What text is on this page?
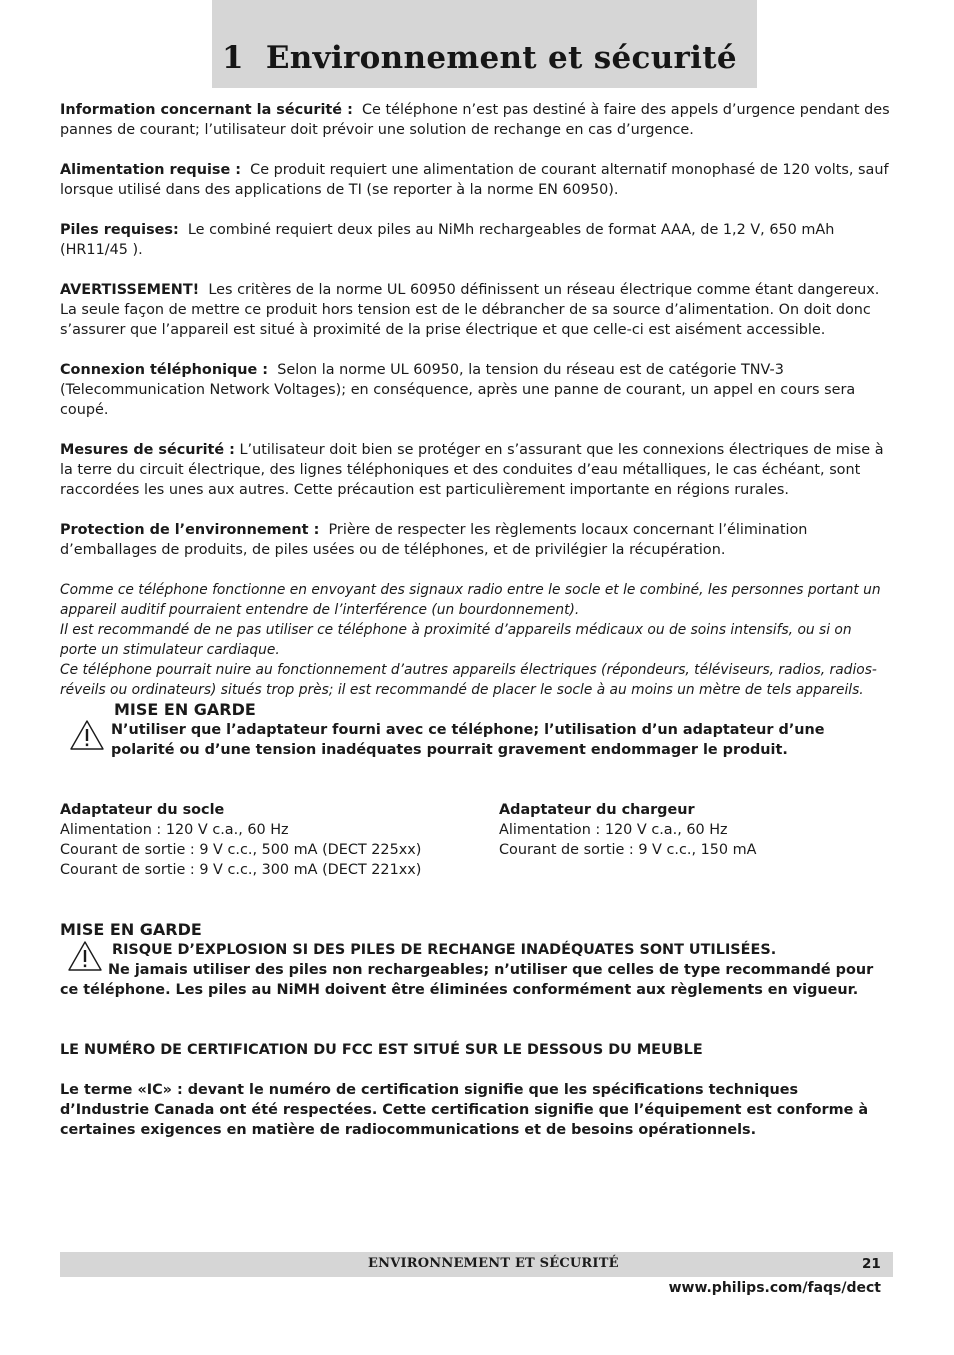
1 Environnement et sécurité

Information concernant la sécurité : Ce téléphone n’est pas destiné à faire des appels d’urgence pendant des pannes de courant; l’utilisateur doit prévoir une solution de rechange en cas d’urgence.

Alimentation requise : Ce produit requiert une alimentation de courant alternatif monophasé de 120 volts, sauf lorsque utilisé dans des applications de TI (se reporter à la norme EN 60950).

Piles requises: Le combiné requiert deux piles au NiMh rechargeables de format AAA, de 1,2 V, 650 mAh (HR11/45 ).

AVERTISSEMENT! Les critères de la norme UL 60950 définissent un réseau électrique comme étant dangereux. La seule façon de mettre ce produit hors tension est de le débrancher de sa source d’alimentation. On doit donc s’assurer que l’appareil est situé à proximité de la prise électrique et que celle-ci est aisément accessible.

Connexion téléphonique : Selon la norme UL 60950, la tension du réseau est de catégorie TNV-3 (Telecommunication Network Voltages); en conséquence, après une panne de courant, un appel en cours sera coupé.

Mesures de sécurité : L’utilisateur doit bien se protéger en s’assurant que les connexions électriques de mise à la terre du circuit électrique, des lignes téléphoniques et des conduites d’eau métalliques, le cas échéant, sont raccordées les unes aux autres. Cette précaution est particulièrement importante en régions rurales.

Protection de l’environnement : Prière de respecter les règlements locaux concernant l’élimination d’emballages de produits, de piles usées ou de téléphones, et de privilégier la récupération.

Comme ce téléphone fonctionne en envoyant des signaux radio entre le socle et le combiné, les personnes portant un appareil auditif pourraient entendre de l’interférence (un bourdonnement).

Il est recommandé de ne pas utiliser ce téléphone à proximité d’appareils médicaux ou de soins intensifs, ou si on porte un stimulateur cardiaque.

Ce téléphone pourrait nuire au fonctionnement d’autres appareils électriques (répondeurs, téléviseurs, radios, radios-réveils ou ordinateurs) situés trop près; il est recommandé de placer le socle à au moins un mètre de tels appareils.

MISE EN GARDE
N’utiliser que l’adaptateur fourni avec ce téléphone; l’utilisation d’un adaptateur d’une polarité ou d’une tension inadéquates pourrait gravement endommager le produit.
Adaptateur du socle
Alimentation : 120 V c.a., 60 Hz
Courant de sortie : 9 V c.c., 500 mA (DECT 225xx)
Courant de sortie : 9 V c.c., 300 mA (DECT 221xx)
Adaptateur du chargeur
Alimentation : 120 V c.a., 60 Hz
Courant de sortie : 9 V c.c., 150 mA
MISE EN GARDE
RISQUE D’EXPLOSION SI DES PILES DE RECHANGE INADÉQUATES SONT UTILISÉES.
Ne jamais utiliser des piles non rechargeables; n’utiliser que celles de type recommandé pour ce téléphone. Les piles au NiMH doivent être éliminées conformément aux règlements en vigueur.
LE NUMÉRO DE CERTIFICATION DU FCC EST SITUÉ SUR LE DESSOUS DU MEUBLE
Le terme «IC» : devant le numéro de certification signifie que les spécifications techniques d’Industrie Canada ont été respectées. Cette certification signifie que l’équipement est conforme à certaines exigences en matière de radiocommunications et de besoins opérationnels.
ENVIRONNEMENT ET SÉCURITÉ	21
www.philips.com/faqs/dect
